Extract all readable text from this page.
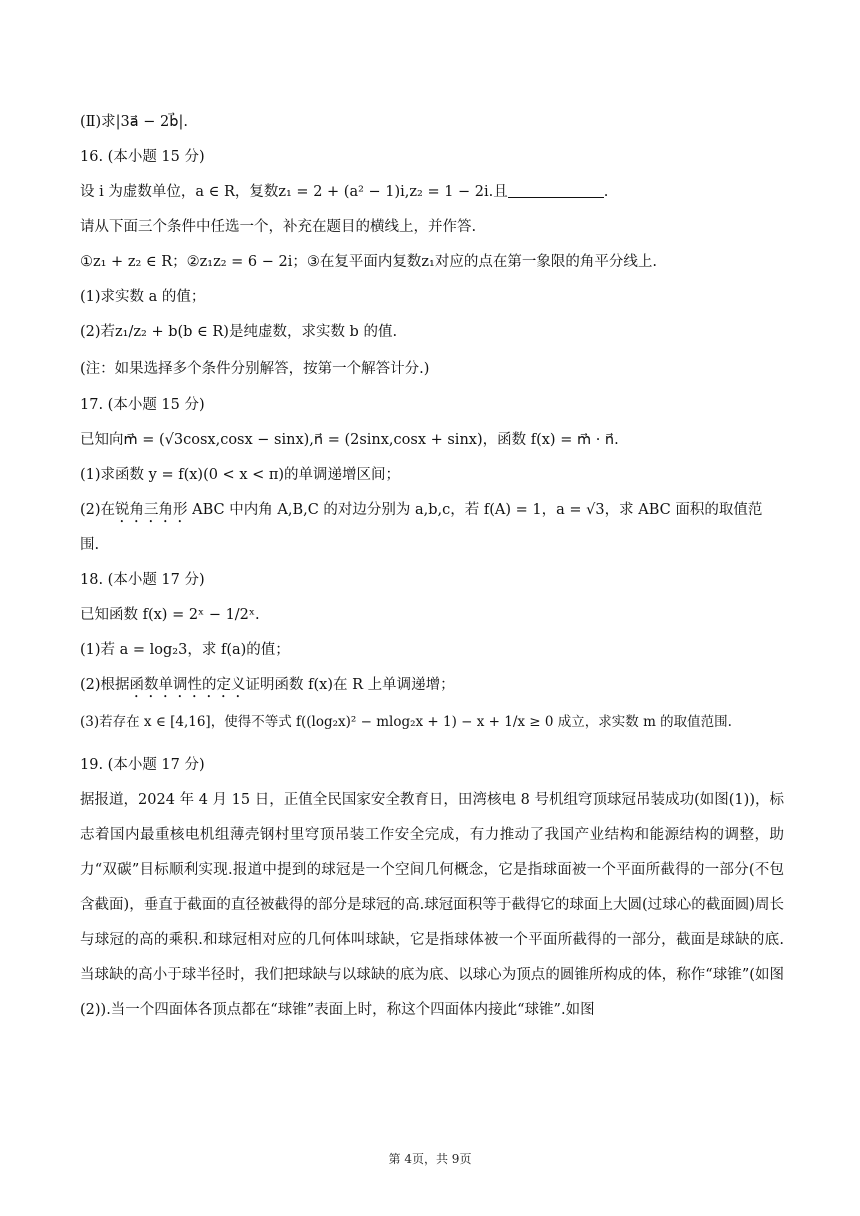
(Ⅱ)求|3a⃗ − 2b⃗|.
16. (本小题 15 分)
设 i 为虚数单位，a ∈ R，复数z₁ = 2 + (a² − 1)i,z₂ = 1 − 2i.且	.
请从下面三个条件中任选一个，补充在题目的横线上，并作答.
①z₁ + z₂ ∈ R；②z₁z₂ = 6 − 2i；③在复平面内复数z₁对应的点在第一象限的角平分线上.
(1)求实数 a 的值；
(2)若z₁/z₂ + b(b ∈ R)是纯虚数，求实数 b 的值.
(注：如果选择多个条件分别解答，按第一个解答计分.)
17. (本小题 15 分)
已知向m⃗ = (√3cosx,cosx − sinx),n⃗ = (2sinx,cosx + sinx)，函数 f(x) = m⃗ · n⃗.
(1)求函数 y = f(x)(0 < x < π)的单调递增区间；
(2)在锐角三角形 ABC 中内角 A,B,C 的对边分别为 a,b,c，若 f(A) = 1，a = √3，求 ABC 面积的取值范
围.
18. (本小题 17 分)
已知函数 f(x) = 2ˣ − 1/2ˣ.
(1)若 a = log₂3，求 f(a)的值；
(2)根据函数单调性的定义证明函数 f(x)在 R 上单调递增；
(3)若存在 x ∈ [4,16]，使得不等式 f((log₂x)² − mlog₂x + 1) − x + 1/x ≥ 0 成立，求实数 m 的取值范围.
19. (本小题 17 分)
据报道，2024 年 4 月 15 日，正值全民国家安全教育日，田湾核电 8 号机组穹顶球冠吊装成功(如图(1))，标志着国内最重核电机组薄壳钢村里穹顶吊装工作安全完成，有力推动了我国产业结构和能源结构的调整，助力“双碳”目标顺利实现.报道中提到的球冠是一个空间几何概念，它是指球面被一个平面所截得的一部分(不包含截面)，垂直于截面的直径被截得的部分是球冠的高.球冠面积等于截得它的球面上大圆(过球心的截面圆)周长与球冠的高的乘积.和球冠相对应的几何体叫球缺，它是指球体被一个平面所截得的一部分，截面是球缺的底.当球缺的高小于球半径时，我们把球缺与以球缺的底为底、以球心为顶点的圆锥所构成的体，称作“球锥”(如图(2)).当一个四面体各顶点都在“球锥”表面上时，称这个四面体内接此“球锥”.如图
第 4页，共 9页
